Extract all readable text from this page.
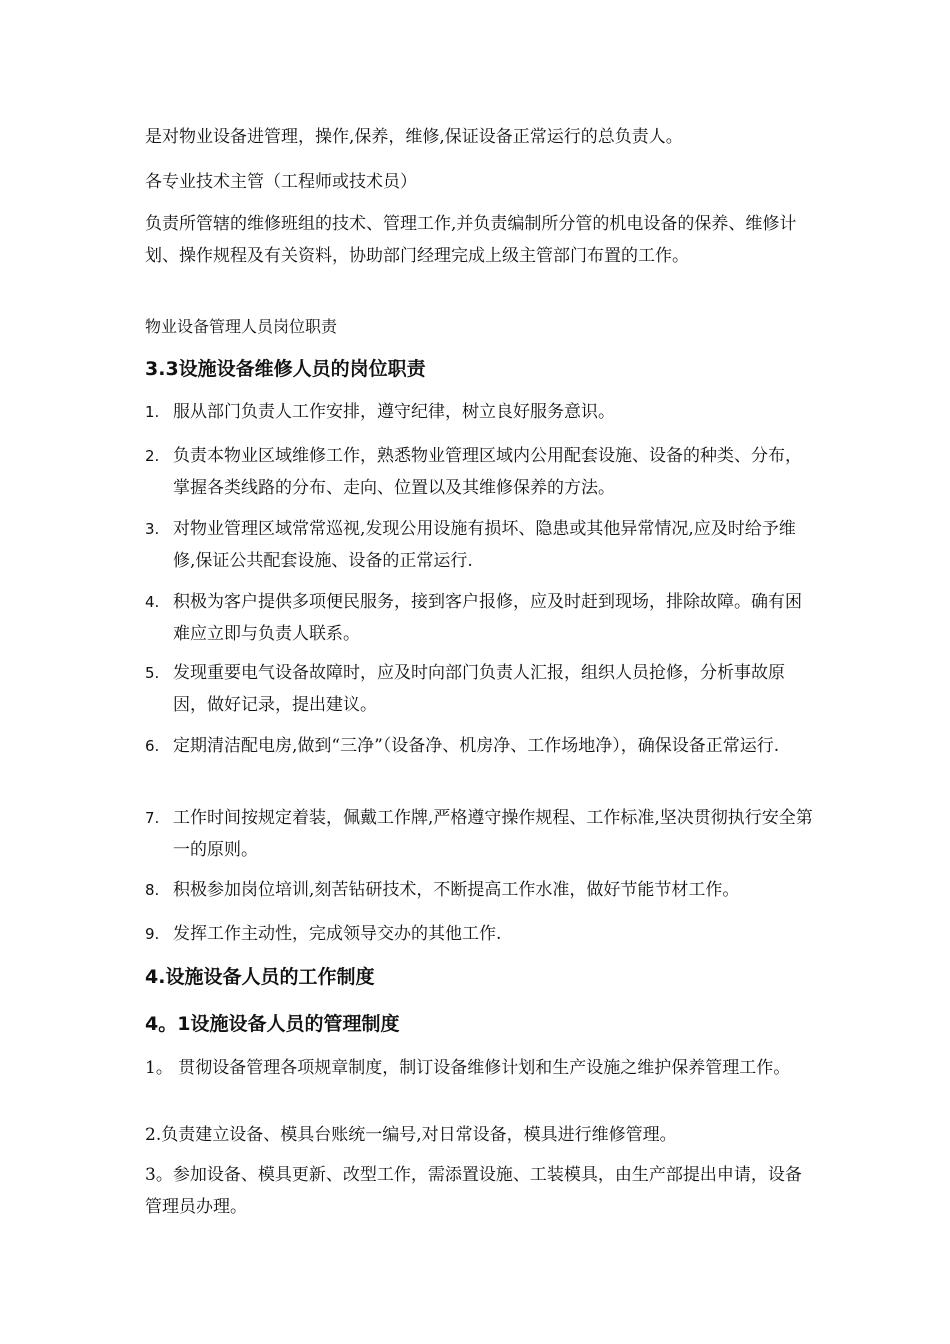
是对物业设备进管理，操作,保养，维修,保证设备正常运行的总负责人。
各专业技术主管（工程师或技术员）
负责所管辖的维修班组的技术、管理工作,并负责编制所分管的机电设备的保养、维修计划、操作规程及有关资料，协助部门经理完成上级主管部门布置的工作。
物业设备管理人员岗位职责
3.3设施设备维修人员的岗位职责
1. 服从部门负责人工作安排，遵守纪律，树立良好服务意识。
2. 负责本物业区域维修工作，熟悉物业管理区域内公用配套设施、设备的种类、分布，掌握各类线路的分布、走向、位置以及其维修保养的方法。
3. 对物业管理区域常常巡视,发现公用设施有损坏、隐患或其他异常情况,应及时给予维修,保证公共配套设施、设备的正常运行.
4. 积极为客户提供多项便民服务，接到客户报修，应及时赶到现场，排除故障。确有困难应立即与负责人联系。
5. 发现重要电气设备故障时，应及时向部门负责人汇报，组织人员抢修，分析事故原因，做好记录，提出建议。
6. 定期清洁配电房,做到“三净”（设备净、机房净、工作场地净），确保设备正常运行.
7. 工作时间按规定着装，佩戴工作牌,严格遵守操作规程、工作标准,坚决贯彻执行安全第一的原则。
8. 积极参加岗位培训,刻苦钻研技术，不断提高工作水准，做好节能节材工作。
9. 发挥工作主动性，完成领导交办的其他工作.
4.设施设备人员的工作制度
4。1设施设备人员的管理制度
1。 贯彻设备管理各项规章制度，制订设备维修计划和生产设施之维护保养管理工作。
2.负责建立设备、模具台账统一编号,对日常设备，模具进行维修管理。
3。参加设备、模具更新、改型工作，需添置设施、工装模具，由生产部提出申请，设备管理员办理。
